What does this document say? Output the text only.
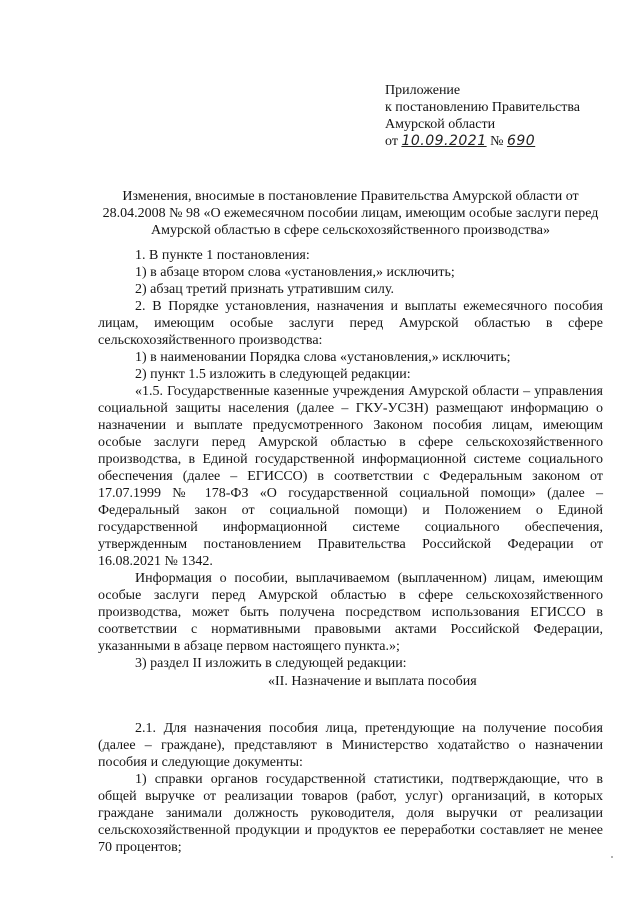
Приложение
к постановлению Правительства
Амурской области
от 10.09.2021 № 690
Изменения, вносимые в постановление Правительства Амурской области от 28.04.2008 № 98 «О ежемесячном пособии лицам, имеющим особые заслуги перед Амурской областью в сфере сельскохозяйственного производства»

1. В пункте 1 постановления:

1) в абзаце втором слова «установления,» исключить;

2) абзац третий признать утратившим силу.

2. В Порядке установления, назначения и выплаты ежемесячного пособия лицам, имеющим особые заслуги перед Амурской областью в сфере сельскохозяйственного производства:

1) в наименовании Порядка слова «установления,» исключить;

2) пункт 1.5 изложить в следующей редакции:

«1.5. Государственные казенные учреждения Амурской области – управления социальной защиты населения (далее – ГКУ-УСЗН) размещают информацию о назначении и выплате предусмотренного Законом пособия лицам, имеющим особые заслуги перед Амурской областью в сфере сельскохозяйственного производства, в Единой государственной информационной системе социального обеспечения (далее – ЕГИССО) в соответствии с Федеральным законом от 17.07.1999 № 178-ФЗ «О государственной социальной помощи» (далее – Федеральный закон от социальной помощи) и Положением о Единой государственной информационной системе социального обеспечения, утвержденным постановлением Правительства Российской Федерации от 16.08.2021 № 1342.

Информация о пособии, выплачиваемом (выплаченном) лицам, имеющим особые заслуги перед Амурской областью в сфере сельскохозяйственного производства, может быть получена посредством использования ЕГИССО в соответствии с нормативными правовыми актами Российской Федерации, указанными в абзаце первом настоящего пункта.»;

3) раздел II изложить в следующей редакции:

«II. Назначение и выплата пособия

2.1. Для назначения пособия лица, претендующие на получение пособия (далее – граждане), представляют в Министерство ходатайство о назначении пособия и следующие документы:

1) справки органов государственной статистики, подтверждающие, что в общей выручке от реализации товаров (работ, услуг) организаций, в которых граждане занимали должность руководителя, доля выручки от реализации сельскохозяйственной продукции и продуктов ее переработки составляет не менее 70 процентов;
